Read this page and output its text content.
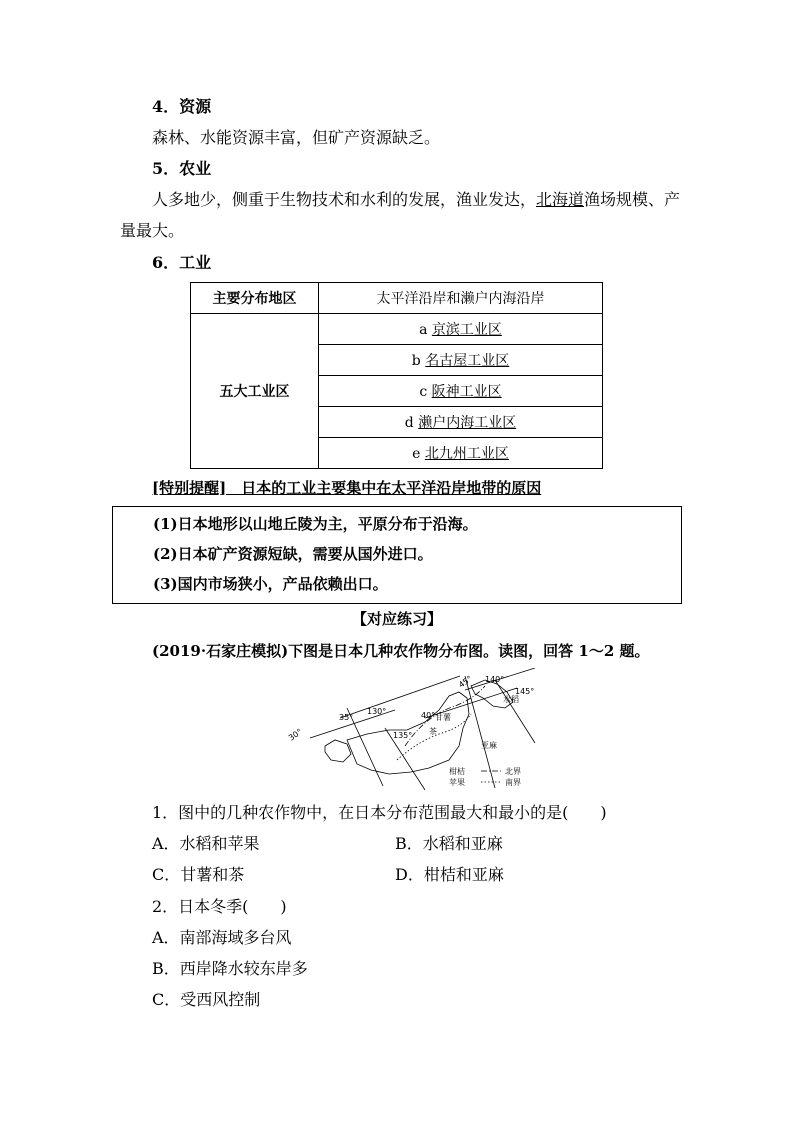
4．资源
森林、水能资源丰富，但矿产资源缺乏。
5．农业
人多地少，侧重于生物技术和水利的发展，渔业发达，北海道渔场规模、产
量最大。
6．工业
主要分布地区	太平洋沿岸和濑户内海沿岸
五大工业区	a 京滨工业区
	b 名古屋工业区
	c 阪神工业区
	d 濑户内海工业区
	e 北九州工业区
[特别提醒]　日本的工业主要集中在太平洋沿岸地带的原因
(1)日本地形以山地丘陵为主，平原分布于沿海。
(2)日本矿产资源短缺，需要从国外进口。
(3)国内市场狭小，产品依赖出口。
【对应练习】
(2019·石家庄模拟)下图是日本几种农作物分布图。读图，回答 1～2 题。
30°
35°	40°
45°
130°
135°
140°
145°
水稻
甘薯
茶
亚麻
柑桔
苹果
北界
南界
1．图中的几种农作物中，在日本分布范围最大和最小的是(　　)
A．水稻和苹果	B．水稻和亚麻
C．甘薯和茶	D．柑桔和亚麻
2．日本冬季(　　)
A．南部海域多台风
B．西岸降水较东岸多
C．受西风控制
